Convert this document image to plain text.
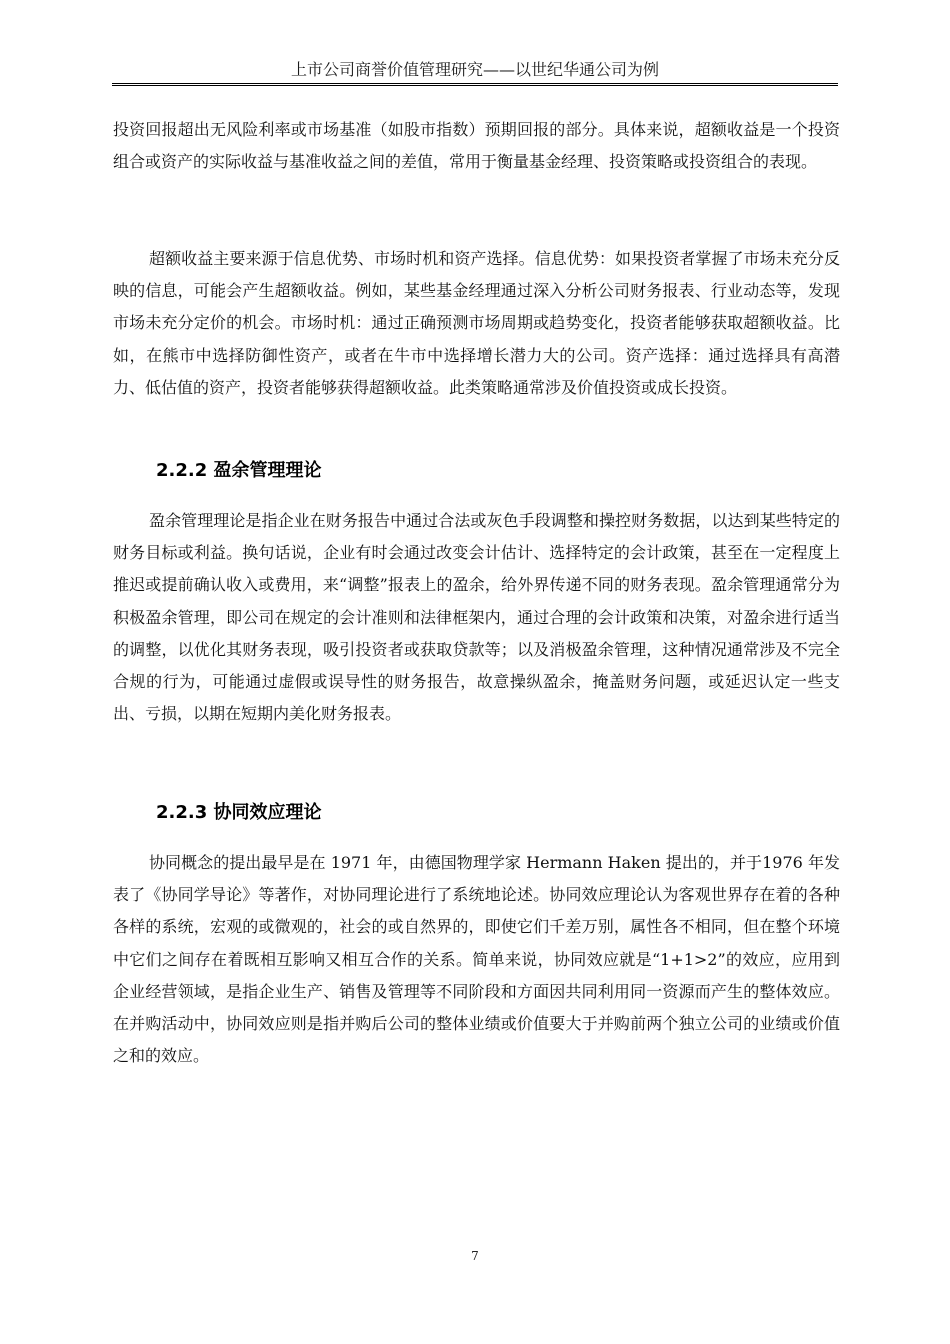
上市公司商誉价值管理研究——以世纪华通公司为例

投资回报超出无风险利率或市场基准（如股市指数）预期回报的部分。具体来说，超额收益是一个投资组合或资产的实际收益与基准收益之间的差值，常用于衡量基金经理、投资策略或投资组合的表现。

超额收益主要来源于信息优势、市场时机和资产选择。信息优势：如果投资者掌握了市场未充分反映的信息，可能会产生超额收益。例如，某些基金经理通过深入分析公司财务报表、行业动态等，发现市场未充分定价的机会。市场时机：通过正确预测市场周期或趋势变化，投资者能够获取超额收益。比如，在熊市中选择防御性资产，或者在牛市中选择增长潜力大的公司。资产选择：通过选择具有高潜力、低估值的资产，投资者能够获得超额收益。此类策略通常涉及价值投资或成长投资。

2.2.2 盈余管理理论

盈余管理理论是指企业在财务报告中通过合法或灰色手段调整和操控财务数据，以达到某些特定的财务目标或利益。换句话说，企业有时会通过改变会计估计、选择特定的会计政策，甚至在一定程度上推迟或提前确认收入或费用，来“调整”报表上的盈余，给外界传递不同的财务表现。盈余管理通常分为积极盈余管理，即公司在规定的会计准则和法律框架内，通过合理的会计政策和决策，对盈余进行适当的调整，以优化其财务表现，吸引投资者或获取贷款等；以及消极盈余管理，这种情况通常涉及不完全合规的行为，可能通过虚假或误导性的财务报告，故意操纵盈余，掩盖财务问题，或延迟认定一些支出、亏损，以期在短期内美化财务报表。

2.2.3 协同效应理论

协同概念的提出最早是在 1971 年，由德国物理学家 Hermann Haken 提出的，并于1976 年发表了《协同学导论》等著作，对协同理论进行了系统地论述。协同效应理论认为客观世界存在着的各种各样的系统，宏观的或微观的，社会的或自然界的，即使它们千差万别，属性各不相同，但在整个环境中它们之间存在着既相互影响又相互合作的关系。简单来说，协同效应就是“1+1>2”的效应，应用到企业经营领域，是指企业生产、销售及管理等不同阶段和方面因共同利用同一资源而产生的整体效应。在并购活动中，协同效应则是指并购后公司的整体业绩或价值要大于并购前两个独立公司的业绩或价值之和的效应。

7
